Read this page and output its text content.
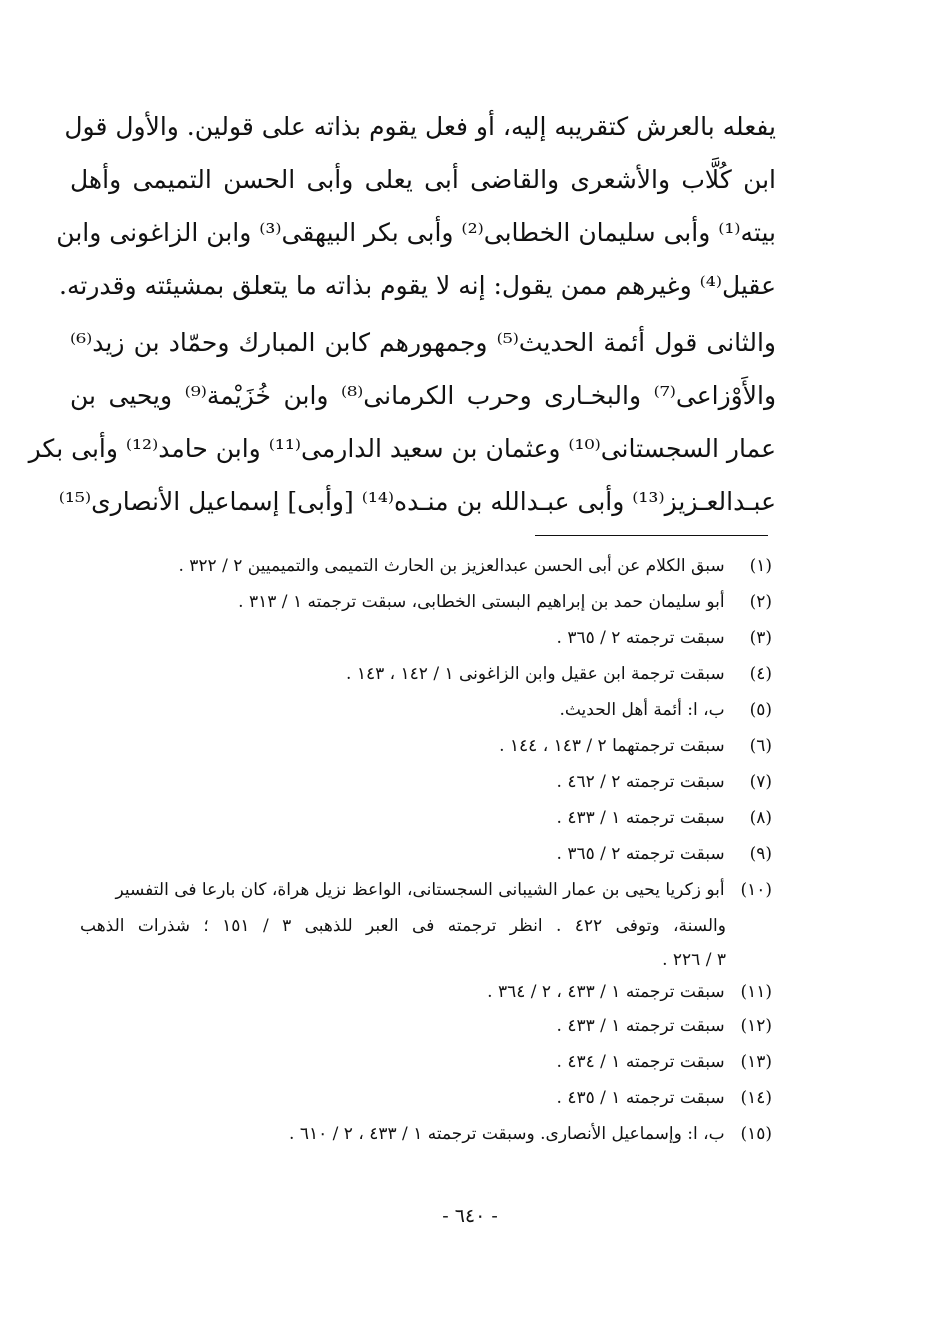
يفعله بالعرش كتقريبه إليه، أو فعل يقوم بذاته على قولين. والأول قول
ابن كُلَّاب والأشعرى والقاضى أبى يعلى وأبى الحسن التميمى وأهل
بيته⁽¹⁾ وأبى سليمان الخطابى⁽²⁾ وأبى بكر البيهقى⁽³⁾ وابن الزاغونى وابن
عقيل⁽⁴⁾ وغيرهم ممن يقول: إنه لا يقوم بذاته ما يتعلق بمشيئته وقدرته.
والثانى قول أئمة الحديث⁽⁵⁾ وجمهورهم كابن المبارك وحمّاد بن زيد⁽⁶⁾
والأَوْزاعى⁽⁷⁾ والبخـارى وحرب الكرمانى⁽⁸⁾ وابن خُزَيْمة⁽⁹⁾ ويحيى بن
عمار السجستانى⁽¹⁰⁾ وعثمان بن سعيد الدارمى⁽¹¹⁾ وابن حامد⁽¹²⁾ وأبى بكر
عبـدالعـزيز⁽¹³⁾ وأبى عبـدالله بن منـده⁽¹⁴⁾ [وأبى] إسماعيل الأنصارى⁽¹⁵⁾
(١) سبق الكلام عن أبى الحسن عبدالعزيز بن الحارث التميمى والتميميين ٢ / ٣٢٢ .
(٢) أبو سليمان حمد بن إبراهيم البستى الخطابى، سبقت ترجمته ١ / ٣١٣ .
(٣) سبقت ترجمته ٢ / ٣٦٥ .
(٤) سبقت ترجمة ابن عقيل وابن الزاغونى ١ / ١٤٢ ، ١٤٣ .
(٥) ب، ا: أئمة أهل الحديث.
(٦) سبقت ترجمتهما ٢ / ١٤٣ ، ١٤٤ .
(٧) سبقت ترجمته ٢ / ٤٦٢ .
(٨) سبقت ترجمته ١ / ٤٣٣ .
(٩) سبقت ترجمته ٢ / ٣٦٥ .
(١٠) أبو زكريا يحيى بن عمار الشيبانى السجستانى، الواعظ نزيل هراة، كان بارعا فى التفسير
والسنة، وتوفى ٤٢٢ . انظر ترجمته فى العبر للذهبى ٣ / ١٥١ ؛ شذرات الذهب
٣ / ٢٢٦ .
(١١) سبقت ترجمته ١ / ٤٣٣ ، ٢ / ٣٦٤ .
(١٢) سبقت ترجمته ١ / ٤٣٣ .
(١٣) سبقت ترجمته ١ / ٤٣٤ .
(١٤) سبقت ترجمته ١ / ٤٣٥ .
(١٥) ب، ا: وإسماعيل الأنصارى. وسبقت ترجمته ١ / ٤٣٣ ، ٢ / ٦١٠ .
- ٦٤٠ -
